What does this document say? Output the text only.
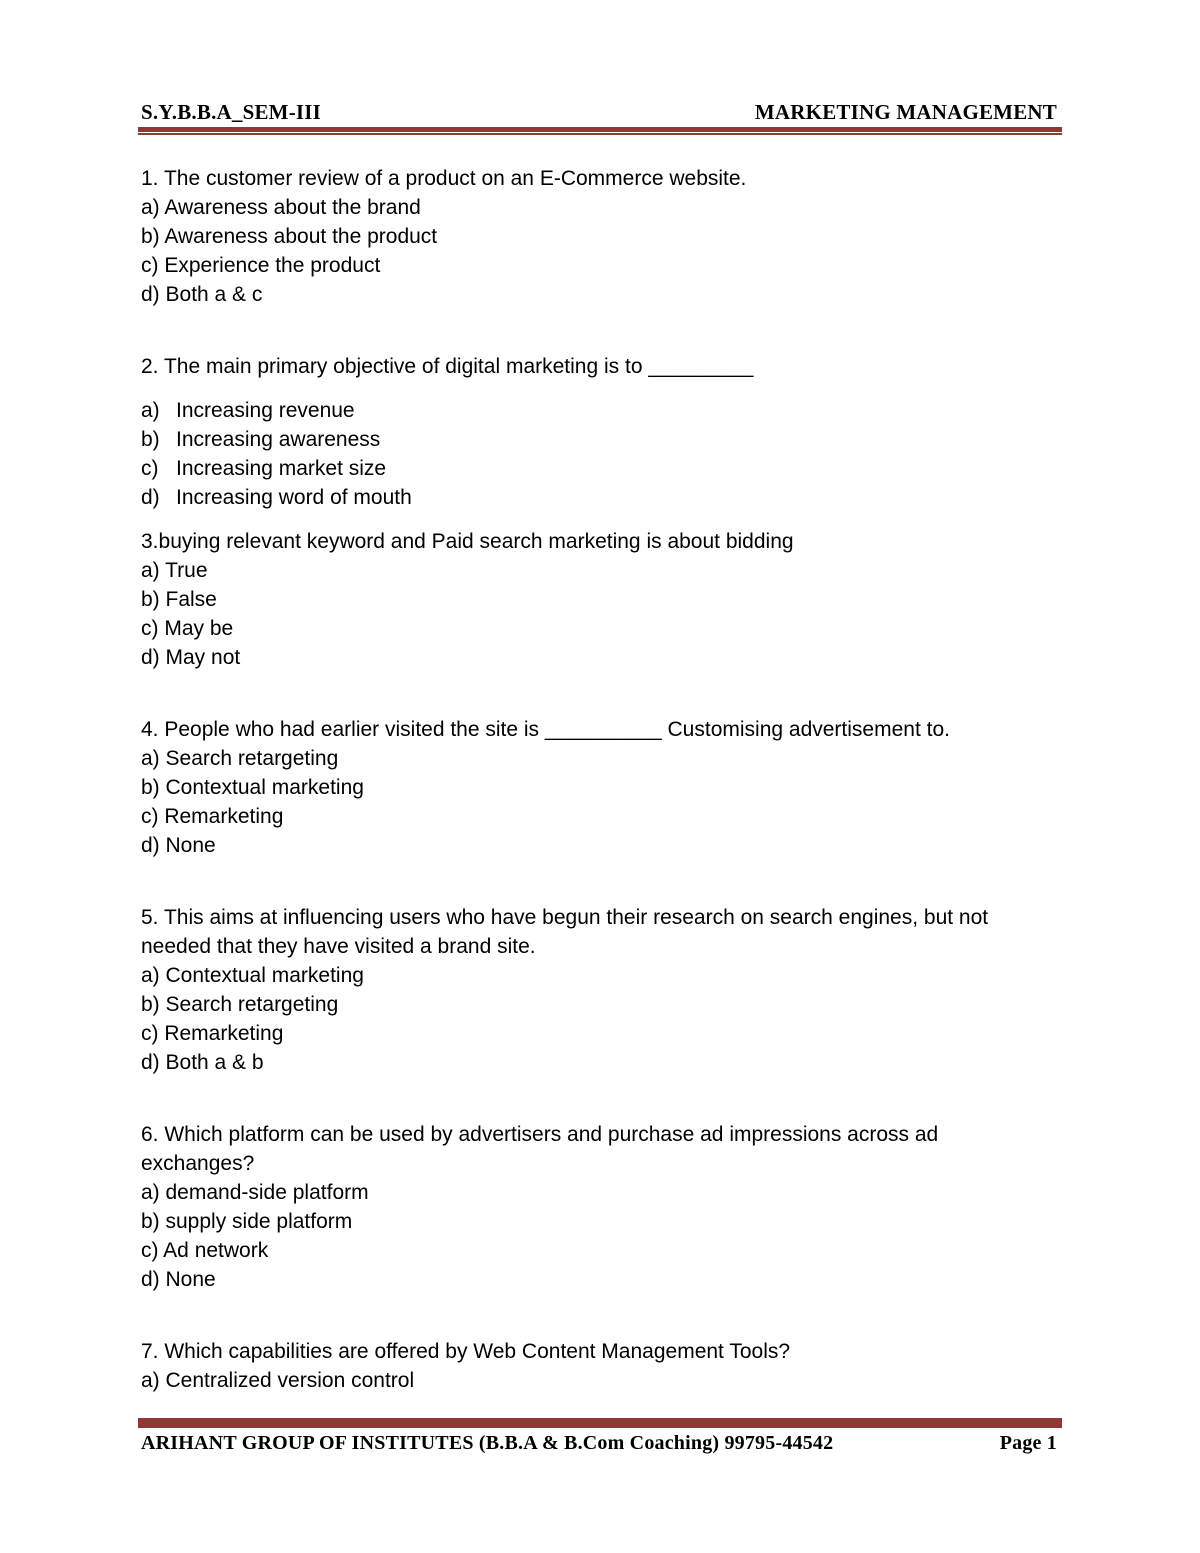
S.Y.B.B.A_SEM-III	MARKETING MANAGEMENT

1. The customer review of a product on an E-Commerce website.

a) Awareness about the brand

b) Awareness about the product

c) Experience the product

d) Both a & c

2. The main primary objective of digital marketing is to _________

a) Increasing revenue

b) Increasing awareness

c) Increasing market size

d) Increasing word of mouth

3.buying relevant keyword and Paid search marketing is about bidding

a) True

b) False

c) May be

d) May not

4. People who had earlier visited the site is __________ Customising advertisement to.

a) Search retargeting

b) Contextual marketing

c) Remarketing

d) None

5. This aims at influencing users who have begun their research on search engines, but not needed that they have visited a brand site.

a) Contextual marketing

b) Search retargeting

c) Remarketing

d) Both a & b

6. Which platform can be used by advertisers and purchase ad impressions across ad exchanges?

a) demand-side platform

b) supply side platform

c) Ad network

d) None

7. Which capabilities are offered by Web Content Management Tools?

a) Centralized version control

ARIHANT GROUP OF INSTITUTES (B.B.A & B.Com Coaching) 99795-44542	Page 1
